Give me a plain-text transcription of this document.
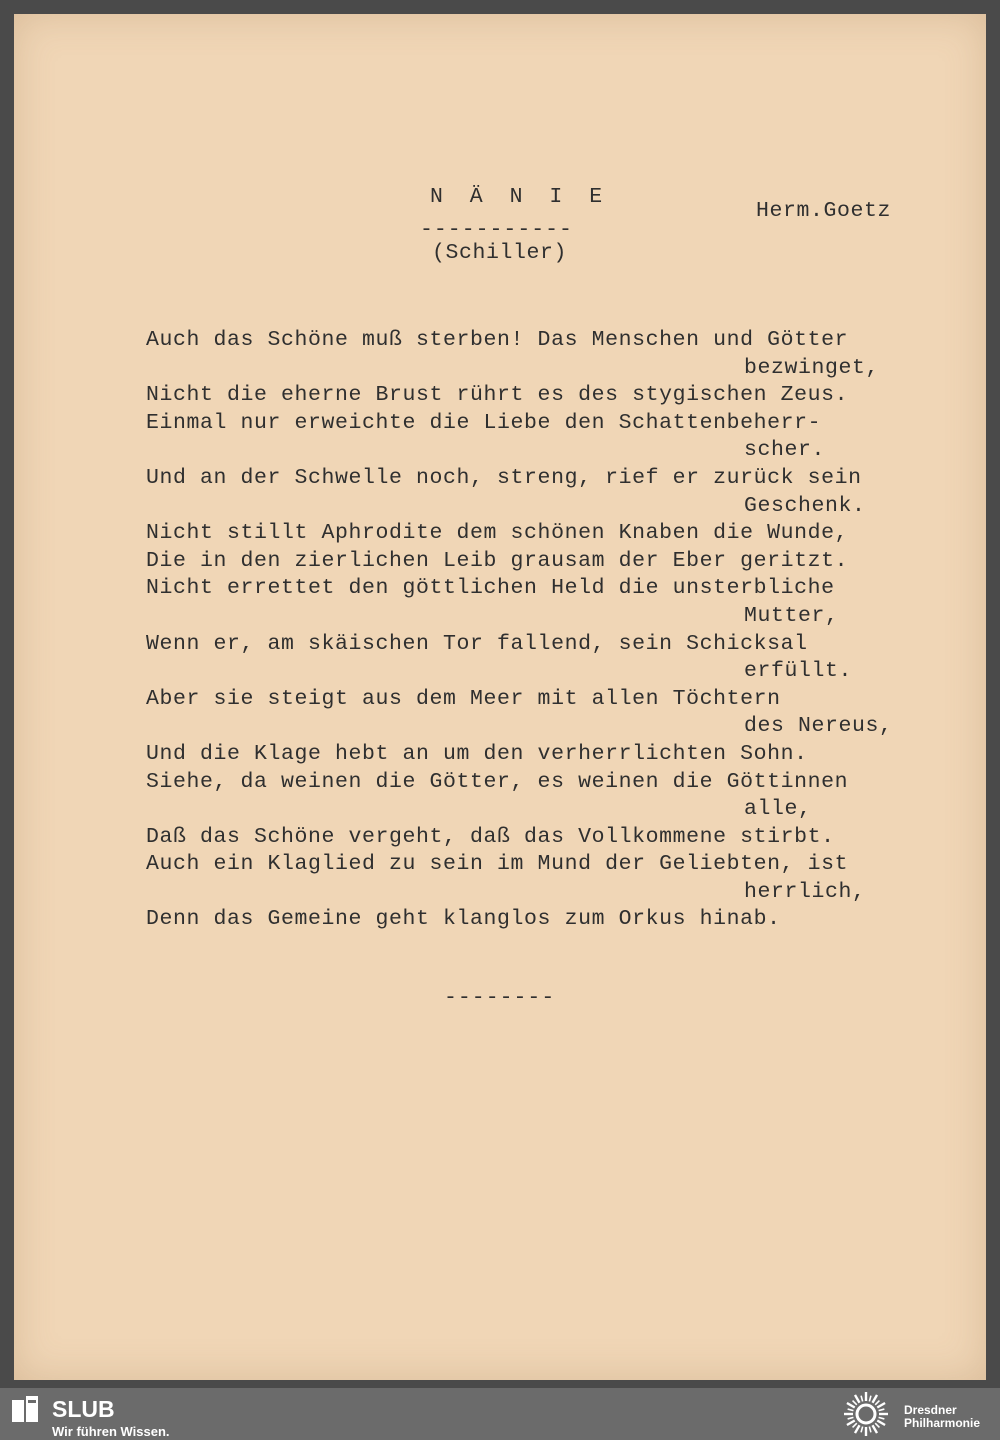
N Ä N I E
-----------
(Schiller)
Herm.Goetz
Auch das Schöne muß sterben! Das Menschen und Götter
bezwinget,
Nicht die eherne Brust rührt es des stygischen Zeus.
Einmal nur erweichte die Liebe den Schattenbeherr-
scher.
Und an der Schwelle noch, streng, rief er zurück sein
Geschenk.
Nicht stillt Aphrodite dem schönen Knaben die Wunde,
Die in den zierlichen Leib grausam der Eber geritzt.
Nicht errettet den göttlichen Held die unsterbliche
Mutter,
Wenn er, am skäischen Tor fallend, sein Schicksal
erfüllt.
Aber sie steigt aus dem Meer mit allen Töchtern
des Nereus,
Und die Klage hebt an um den verherrlichten Sohn.
Siehe, da weinen die Götter, es weinen die Göttinnen
alle,
Daß das Schöne vergeht, daß das Vollkommene stirbt.
Auch ein Klaglied zu sein im Mund der Geliebten, ist
herrlich,
Denn das Gemeine geht klanglos zum Orkus hinab.
--------
SLUB
Wir führen Wissen.
Dresdner
Philharmonie
